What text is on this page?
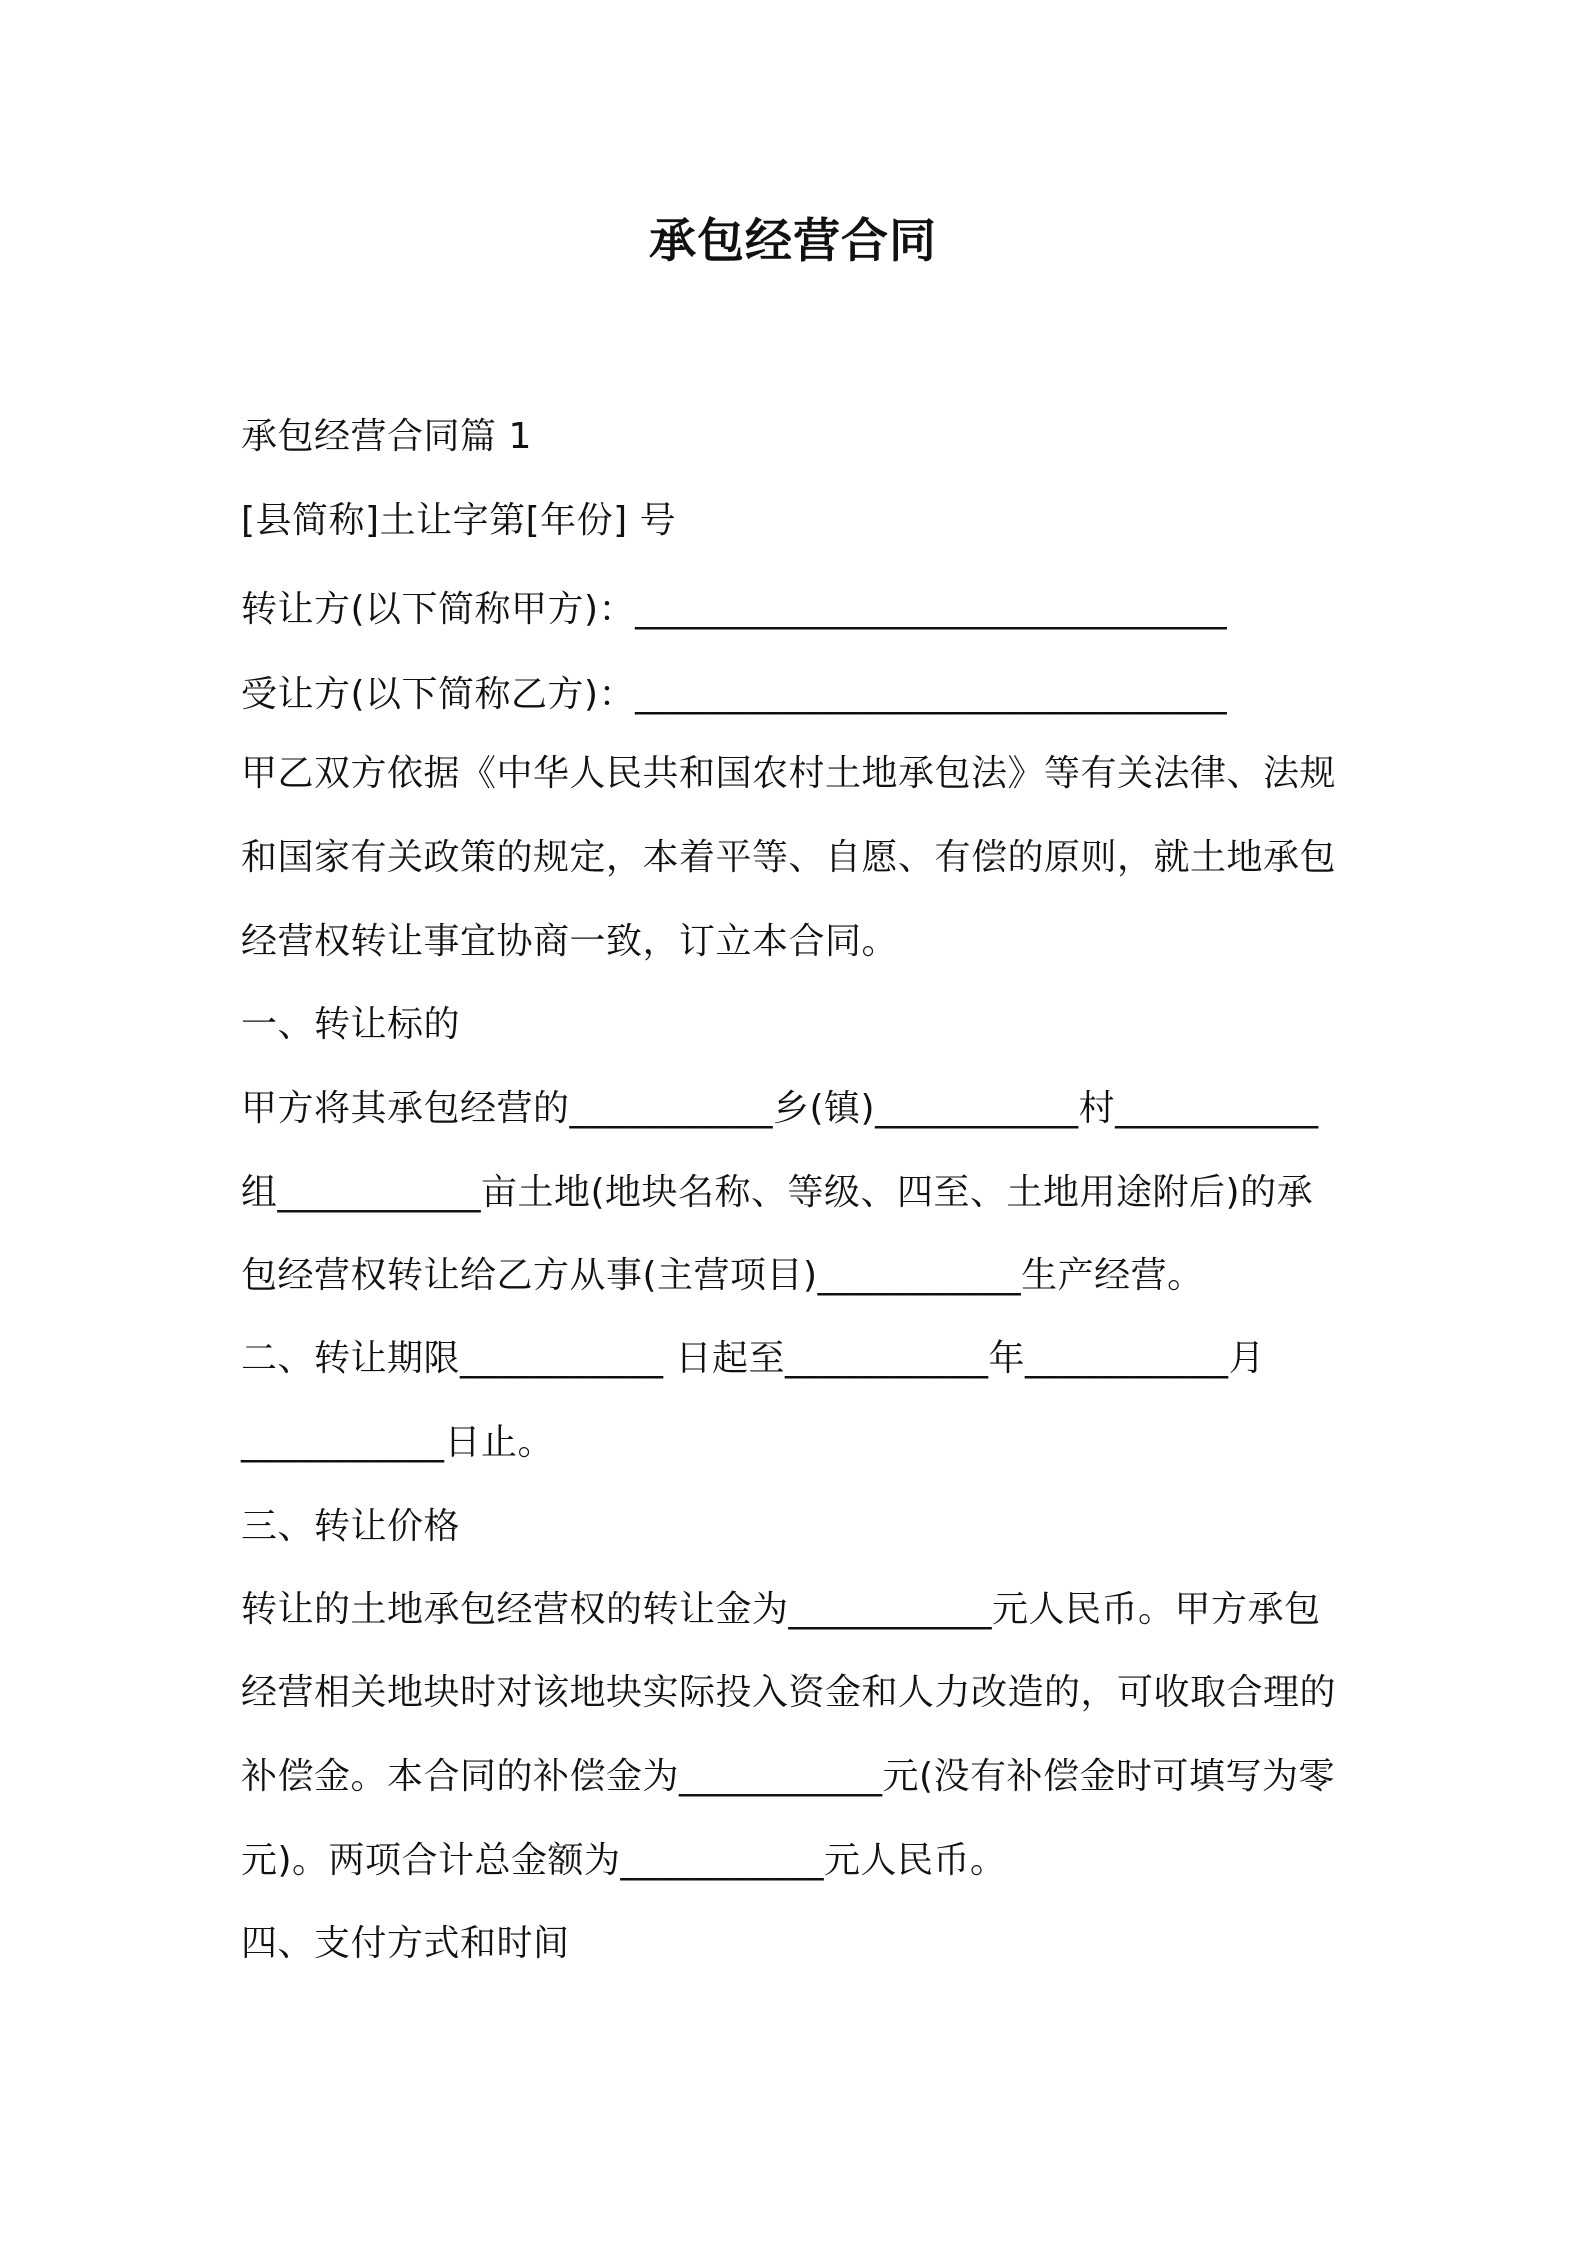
承包经营合同
承包经营合同篇 1
[县简称]土让字第[年份] 号
转让方(以下简称甲方)：________________________________
受让方(以下简称乙方)：________________________________
甲乙双方依据《中华人民共和国农村土地承包法》等有关法律、法规
和国家有关政策的规定，本着平等、自愿、有偿的原则，就土地承包
经营权转让事宜协商一致，订立本合同。
一、转让标的
甲方将其承包经营的___________乡(镇)___________村___________
组___________亩土地(地块名称、等级、四至、土地用途附后)的承
包经营权转让给乙方从事(主营项目)___________生产经营。
二、转让期限___________ 日起至___________年___________月
___________日止。
三、转让价格
转让的土地承包经营权的转让金为___________元人民币。甲方承包
经营相关地块时对该地块实际投入资金和人力改造的，可收取合理的
补偿金。本合同的补偿金为___________元(没有补偿金时可填写为零
元)。两项合计总金额为___________元人民币。
四、支付方式和时间
